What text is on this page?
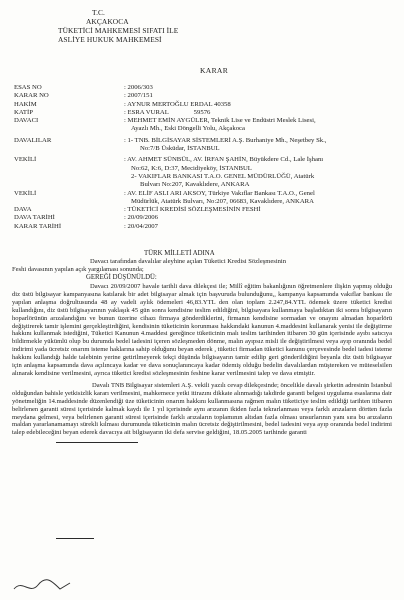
T.C.
AKÇAKOCA
TÜKETİCİ MAHKEMESİ SIFATI İLE
ASLİYE HUKUK MAHKEMESİ
KARAR
ESAS NO	: 2006/303
KARAR NO	: 2007/151
HAKİM	: AYNUR MERTOĞLU ERDAL 40358
KATİP	: ESRA VURAL               59576
DAVACI	: MEHMET EMİN AYGÜLER, Teknik Lise ve Endüstri Meslek Lisesi,
Ayazlı Mh., Eski Döngelli Yolu, Akçakoca
DAVALILAR	: 1- TNB. BİLGİSAYAR SİSTEMLERİ A.Ş. Burhaniye Mh., Neşetbey Sk.,
No:7/B Üsküdar, İSTANBUL
VEKİLİ	: AV. AHMET SÜNBÜL, AV. İRFAN ŞAHİN, Büyükdere Cd., Lale İşhanı
No:62, K:6, D:37, Mecidiyeköy, İSTANBUL
2- VAKIFLAR BANKASI T.A.O. GENEL MÜDÜRLÜĞÜ, Atatürk
Bulvarı No:207, Kavaklıdere, ANKARA
VEKİLİ	: AV. ELİF ASLI ARI AKSOY, Türkiye Vakıflar Bankası T.A.O., Genel
Müdürlük, Atatürk Bulvarı, No:207, 06683, Kavaklıdere, ANKARA
DAVA	: TÜKETİCİ KREDİSİ SÖZLEŞMESİNİN FESHİ
DAVA TARİHİ	: 20/09/2006
KARAR TARİHİ	: 20/04/2007
TÜRK MİLLETİ ADINA

Davacı tarafından davalılar aleyhine açılan Tüketici Kredisi Sözleşmesinin

Feshi davasının yapılan açık yargılaması sonunda;

GEREĞİ DÜŞÜNÜLDÜ:

Davacı 20/09/2007 havale tarihli dava dilekçesi ile; Millî eğitim bakanlığının öğretmenlere ilişkin yapmış olduğu diz üstü bilgisayar kampanyasına katılarak bir adet bilgisayar almak için başvuruda bulunduğunu,, kampanya kapsamında vakıflar bankası ile yapılan anlaşma doğrultusunda 48 ay vadeli aylık ödemeleri 46,83.YTL den olan toplam 2.247,84.YTL ödemek üzere tüketici kredisi kullandığını, diz üstü bilgisayarının yaklaşık 45 gün sonra kendisine teslim edildiğini, bilgisayara kullanmaya başladıktan iki sonra bilgisayarın hoparlörünün arızalandığını ve bunun üzerine cihazı firmaya gönderdiklerini, firmanın kendisine sormadan ve onayını almadan hoparlörü değiştirerek tamir işlemini gerçekleştirdiğini, kendisinin tüketicinin korunması hakkındaki kanunun 4.maddesini kullanarak yenisi ile değiştirme hakkını kullanmak istediğini, Tüketici Kanunun 4.maddesi gereğince tüketicinin malı teslim tarihinden itibaren 30 gün içerisinde ayıbı satıcıya bildirmekle yükümlü olup bu durumda bedel iadesini içeren sözleşmeden dönme, malın ayıpsız misli ile değiştirilmesi veya ayıp oranında bedel indirimi yada ücretsiz onarım isteme haklarına sahip olduğunu beyan ederek , tüketici firmadan tüketici kanunu çerçevesinde bedel iadesi isteme hakkını kullandığı halde talebinin yerine getirilmeyerek tekçi düşünda bilgisayarın tamir edilip geri gönderildiğini beyanla diz üstü bilgisayar için anlaşma kapsamında dava açılıncaya kadar ve dava sonuçlanıncaya kadar ödemiş olduğu bedelin davalılardan müştereken ve müteselsilen alınarak kendisine verilmesini, ayrıca tüketici kredisi sözleşmesinin feshine karar verilmesini talep ve dava etmiştir.

Davalı TNB Bilgisayar sistemleri A.Ş. vekili yazılı cevap dilekçesinde; öncelikle davalı şirketin adresinin İstanbul olduğundan bahisle yetkisizlik kararı verilmesini, mahkemece yetki itirazını dikkate alınmadığı takdirde garanti belgesi uygulama esaslarına dair yönetmeliğin 14.maddesinde düzenlendiği üze tüketicinin onarım hakkını kullanmasına rağmen malın tüketiciye teslim edildiği tarihten itibaren belirlenen garanti süresi içerisinde kalmak kaydı ile 1 yıl içerisinde aynı arızanın ikiden fazla tekrarlanması veya farklı arızaların dörtten fazla meydana gelmesi, veya belirlenen garanti süresi içerisinde farklı arızaların toplamının altıdan fazla olması unsurlarının yanı sıra bu arızaların maldan yararlanamamayı sürekli kılması durumunda tüketicinin malın ücretsiz değiştirilmesini, bedel iadesini veya ayıp oranında bedel indirimi talep edebileceğini beyan ederek davacıya ait bilgisayarın iki defa servise geldiğini, 18.05.2005 tarihinde garanti
